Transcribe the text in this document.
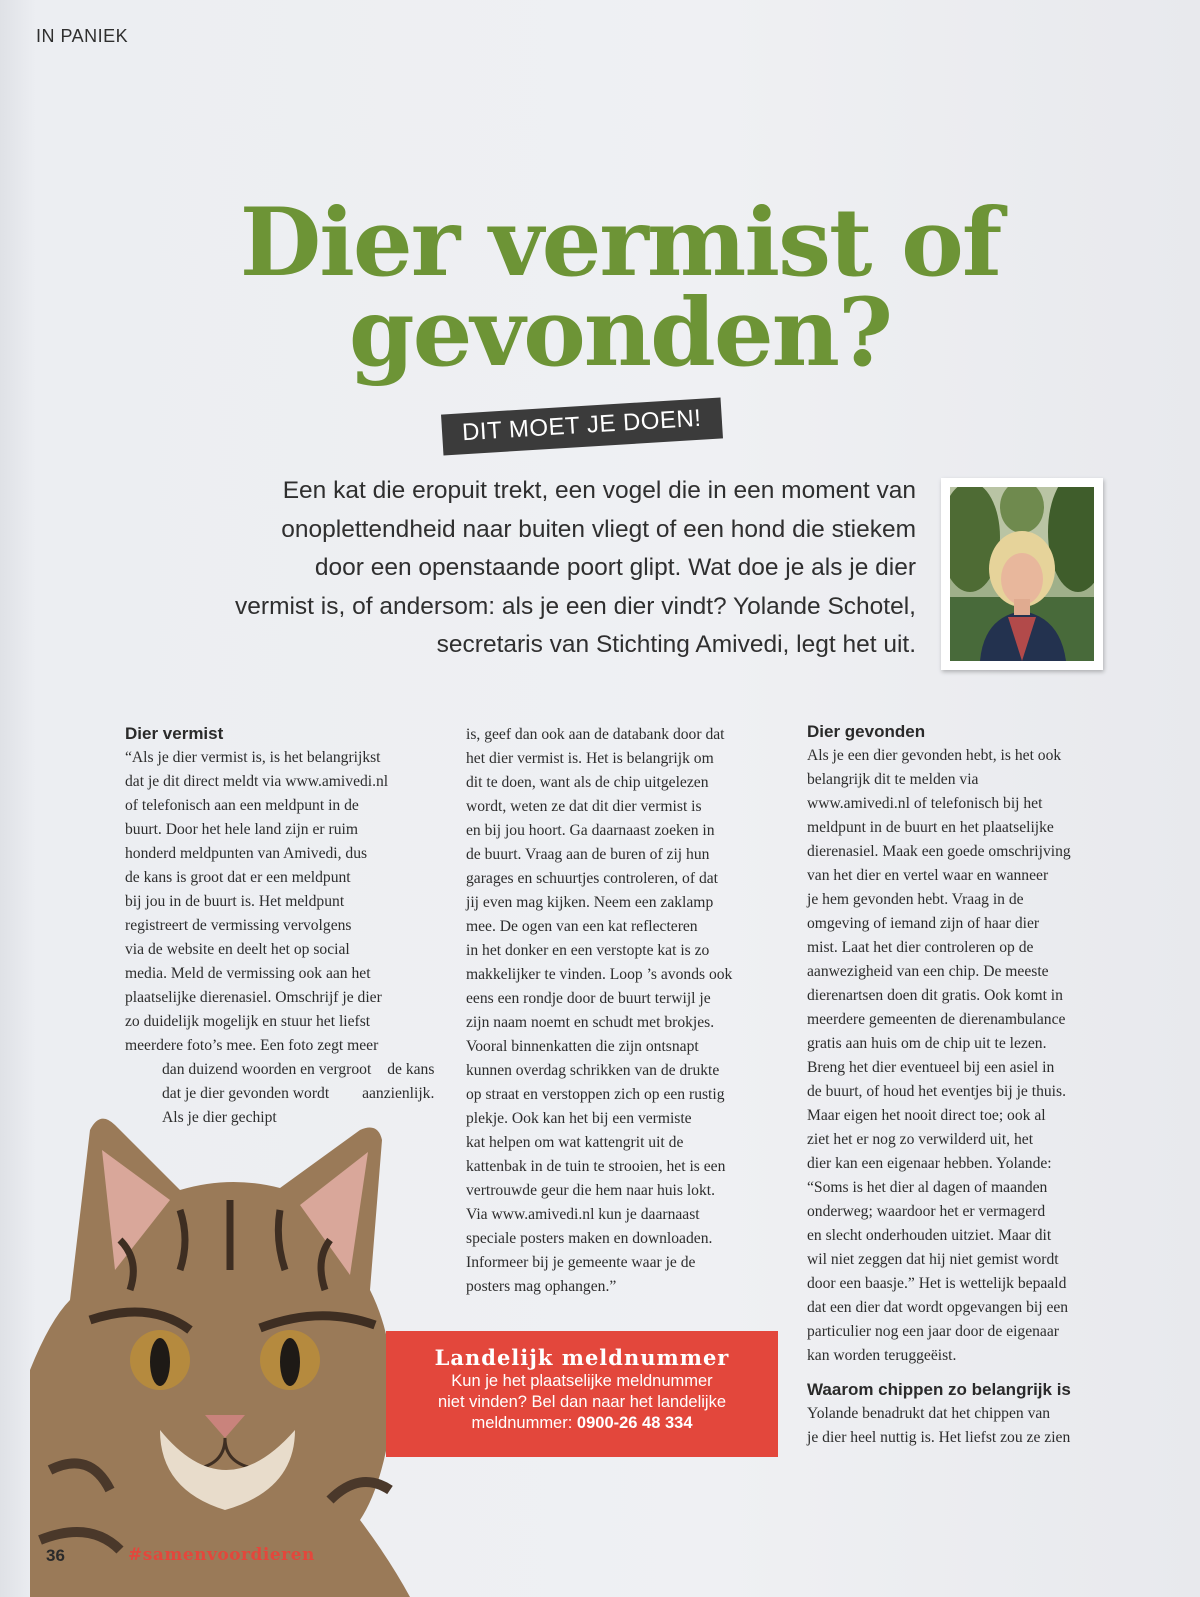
IN PANIEK
Dier vermist of
gevonden?
DIT MOET JE DOEN!
Een kat die eropuit trekt, een vogel die in een moment van
onoplettendheid naar buiten vliegt of een hond die stiekem
door een openstaande poort glipt. Wat doe je als je dier
vermist is, of andersom: als je een dier vindt? Yolande Schotel,
secretaris van Stichting Amivedi, legt het uit.
Dier vermist

“Als je dier vermist is, is het belangrijkst
dat je dit direct meldt via www.amivedi.nl
of telefonisch aan een meldpunt in de
buurt. Door het hele land zijn er ruim
honderd meldpunten van Amivedi, dus
de kans is groot dat er een meldpunt
bij jou in de buurt is. Het meldpunt
registreert de vermissing vervolgens
via de website en deelt het op social
media. Meld de vermissing ook aan het
plaatselijke dierenasiel. Omschrijf je dier
zo duidelijk mogelijk en stuur het liefst
meerdere foto’s mee. Een foto zegt meer

dan duizend woorden en vergroot de kans dat je dier gevonden wordt aanzienlijk. Als je dier gechipt

is, geef dan ook aan de databank door dat
het dier vermist is. Het is belangrijk om
dit te doen, want als de chip uitgelezen
wordt, weten ze dat dit dier vermist is
en bij jou hoort. Ga daarnaast zoeken in
de buurt. Vraag aan de buren of zij hun
garages en schuurtjes controleren, of dat
jij even mag kijken. Neem een zaklamp
mee. De ogen van een kat reflecteren
in het donker en een verstopte kat is zo
makkelijker te vinden. Loop ’s avonds ook
eens een rondje door de buurt terwijl je
zijn naam noemt en schudt met brokjes.
Vooral binnenkatten die zijn ontsnapt
kunnen overdag schrikken van de drukte
op straat en verstoppen zich op een rustig
plekje. Ook kan het bij een vermiste
kat helpen om wat kattengrit uit de
kattenbak in de tuin te strooien, het is een
vertrouwde geur die hem naar huis lokt.
Via www.amivedi.nl kun je daarnaast
speciale posters maken en downloaden.
Informeer bij je gemeente waar je de
posters mag ophangen.”

Dier gevonden

Als je een dier gevonden hebt, is het ook
belangrijk dit te melden via
www.amivedi.nl of telefonisch bij het
meldpunt in de buurt en het plaatselijke
dierenasiel. Maak een goede omschrijving
van het dier en vertel waar en wanneer
je hem gevonden hebt. Vraag in de
omgeving of iemand zijn of haar dier
mist. Laat het dier controleren op de
aanwezigheid van een chip. De meeste
dierenartsen doen dit gratis. Ook komt in
meerdere gemeenten de dierenambulance
gratis aan huis om de chip uit te lezen.
Breng het dier eventueel bij een asiel in
de buurt, of houd het eventjes bij je thuis.
Maar eigen het nooit direct toe; ook al
ziet het er nog zo verwilderd uit, het
dier kan een eigenaar hebben. Yolande:
“Soms is het dier al dagen of maanden
onderweg; waardoor het er vermagerd
en slecht onderhouden uitziet. Maar dit
wil niet zeggen dat hij niet gemist wordt
door een baasje.” Het is wettelijk bepaald
dat een dier dat wordt opgevangen bij een
particulier nog een jaar door de eigenaar
kan worden teruggeëist.

Waarom chippen zo belangrijk is

Yolande benadrukt dat het chippen van
je dier heel nuttig is. Het liefst zou ze zien

Landelijk meldnummer
Kun je het plaatselijke meldnummer
niet vinden? Bel dan naar het landelijke
meldnummer: 0900-26 48 334
36	#samenvoordieren
